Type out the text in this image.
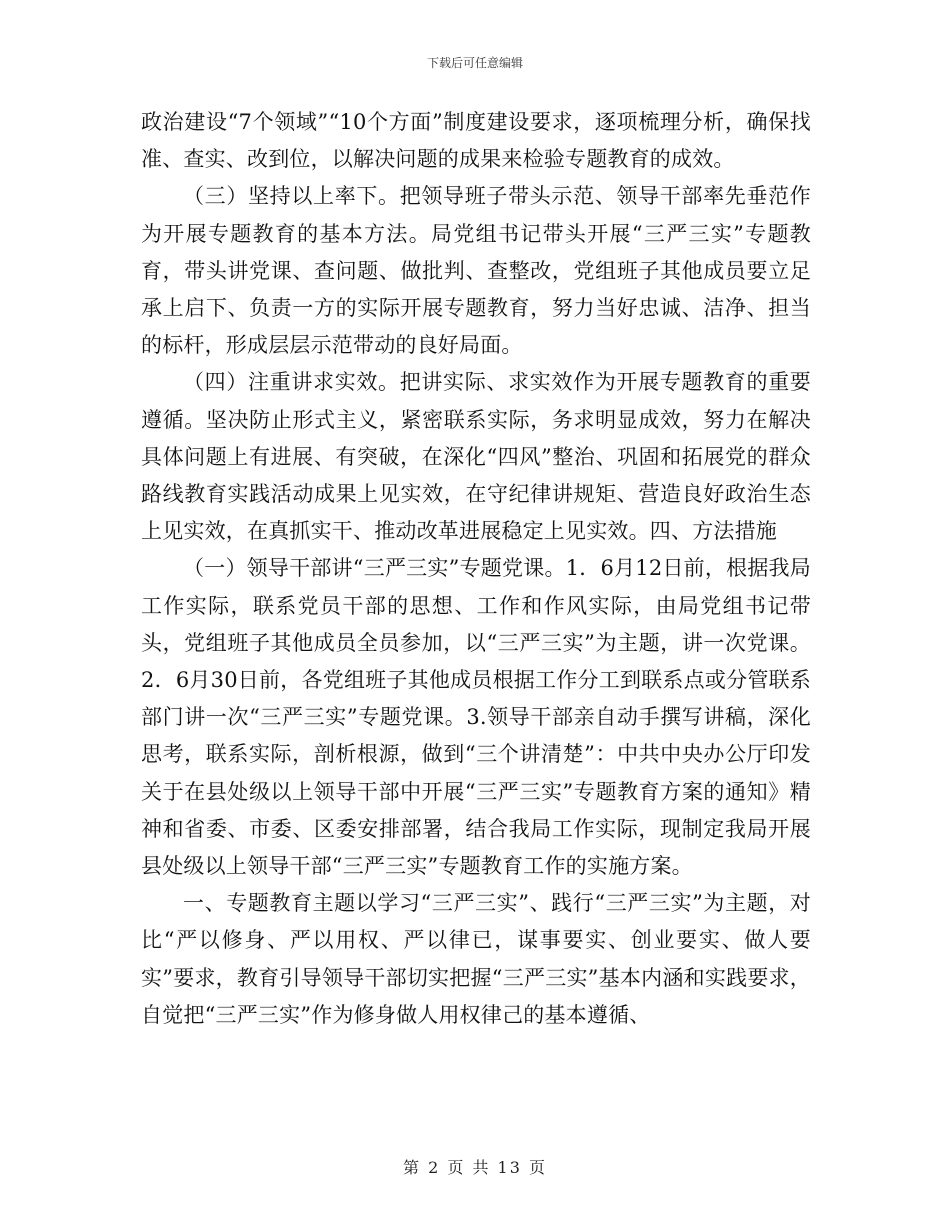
下载后可任意编辑

政治建设“7个领域”“10个方面”制度建设要求，逐项梳理分析，确保找准、查实、改到位，以解决问题的成果来检验专题教育的成效。

（三）坚持以上率下。把领导班子带头示范、领导干部率先垂范作为开展专题教育的基本方法。局党组书记带头开展“三严三实”专题教育，带头讲党课、查问题、做批判、查整改，党组班子其他成员要立足承上启下、负责一方的实际开展专题教育，努力当好忠诚、洁净、担当的标杆，形成层层示范带动的良好局面。

（四）注重讲求实效。把讲实际、求实效作为开展专题教育的重要遵循。坚决防止形式主义，紧密联系实际，务求明显成效，努力在解决具体问题上有进展、有突破，在深化“四风”整治、巩固和拓展党的群众路线教育实践活动成果上见实效，在守纪律讲规矩、营造良好政治生态上见实效，在真抓实干、推动改革进展稳定上见实效。四、方法措施

（一）领导干部讲“三严三实”专题党课。1．6月12日前，根据我局工作实际，联系党员干部的思想、工作和作风实际，由局党组书记带头，党组班子其他成员全员参加，以“三严三实”为主题，讲一次党课。2．6月30日前，各党组班子其他成员根据工作分工到联系点或分管联系部门讲一次“三严三实”专题党课。3.领导干部亲自动手撰写讲稿，深化思考，联系实际，剖析根源，做到“三个讲清楚”：中共中央办公厅印发关于在县处级以上领导干部中开展“三严三实”专题教育方案的通知》精神和省委、市委、区委安排部署，结合我局工作实际，现制定我局开展县处级以上领导干部“三严三实”专题教育工作的实施方案。

一、专题教育主题以学习“三严三实”、践行“三严三实”为主题，对比“严以修身、严以用权、严以律已，谋事要实、创业要实、做人要实”要求，教育引导领导干部切实把握“三严三实”基本内涵和实践要求，自觉把“三严三实”作为修身做人用权律己的基本遵循、

第 2 页 共 13 页
